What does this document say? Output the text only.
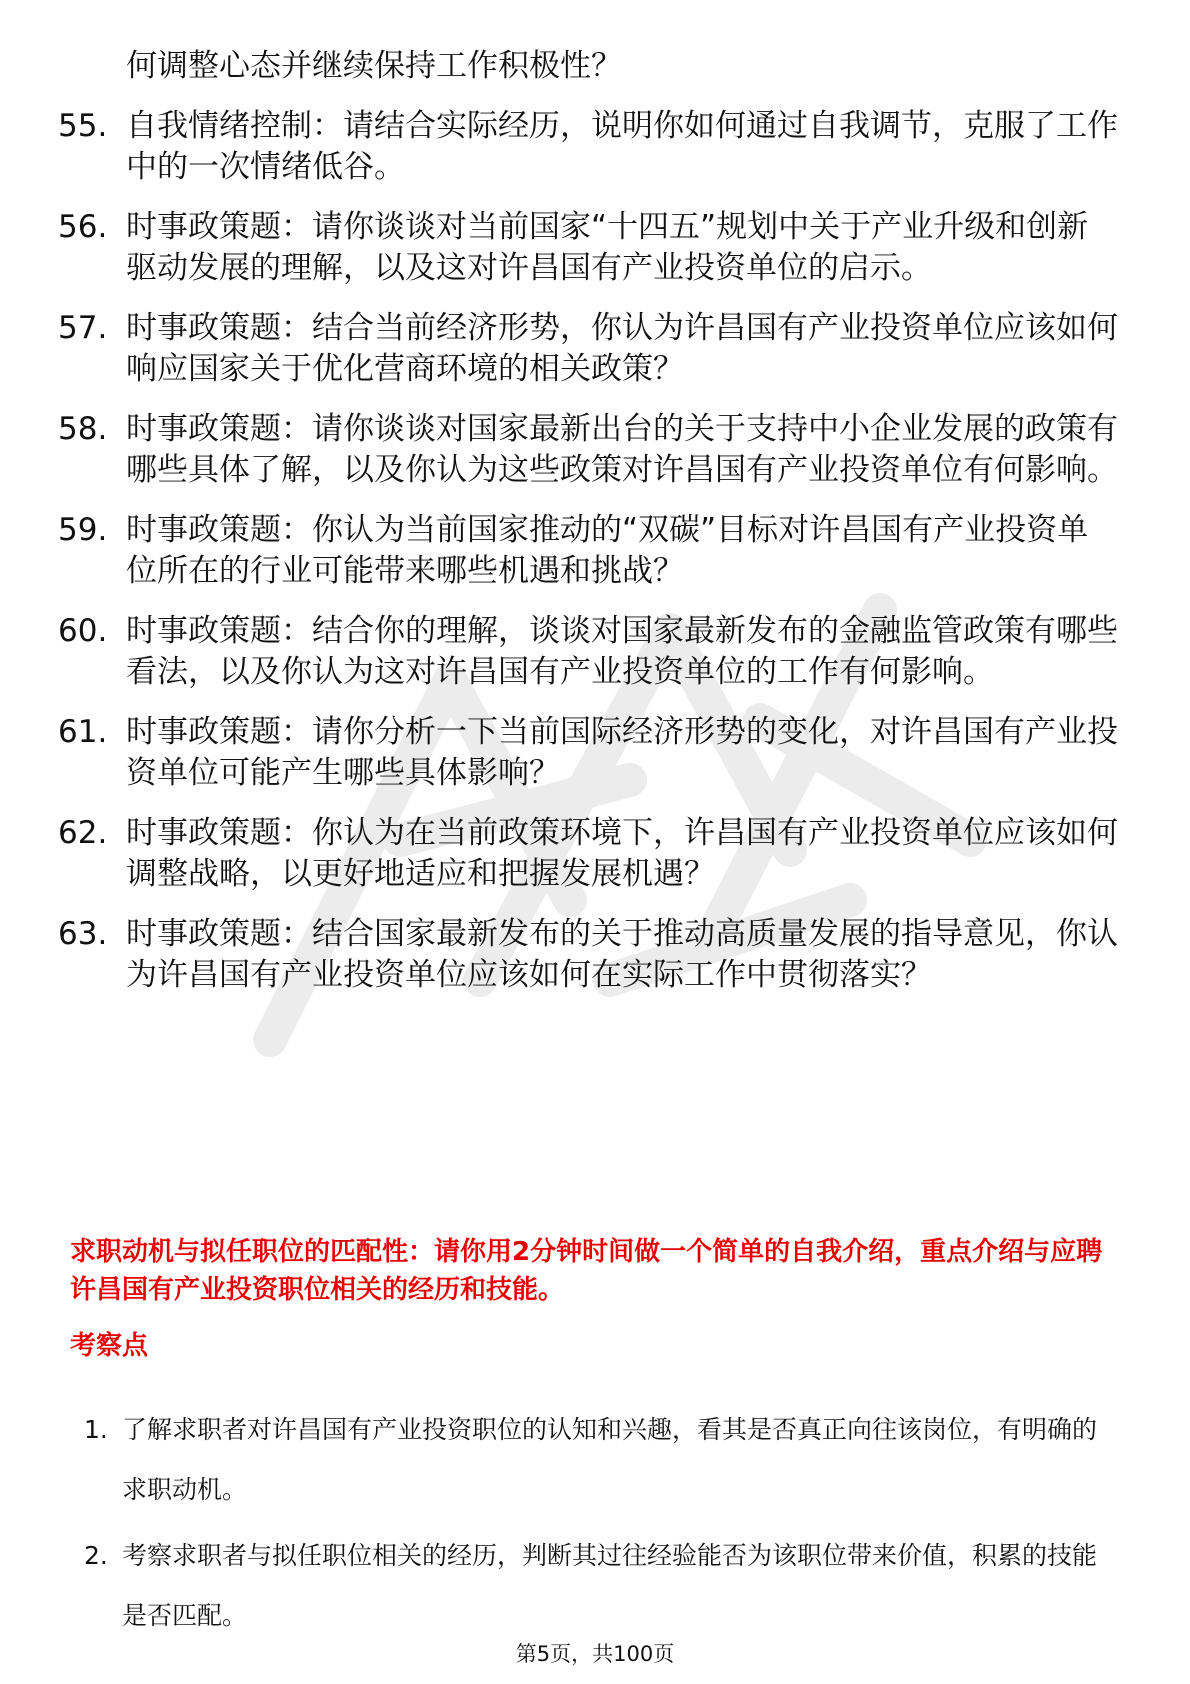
何调整心态并继续保持工作积极性？
55. 自我情绪控制：请结合实际经历，说明你如何通过自我调节，克服了工作中的一次情绪低谷。
56. 时事政策题：请你谈谈对当前国家“十四五”规划中关于产业升级和创新驱动发展的理解，以及这对许昌国有产业投资单位的启示。
57. 时事政策题：结合当前经济形势，你认为许昌国有产业投资单位应该如何响应国家关于优化营商环境的相关政策？
58. 时事政策题：请你谈谈对国家最新出台的关于支持中小企业发展的政策有哪些具体了解，以及你认为这些政策对许昌国有产业投资单位有何影响。
59. 时事政策题：你认为当前国家推动的“双碳”目标对许昌国有产业投资单位所在的行业可能带来哪些机遇和挑战？
60. 时事政策题：结合你的理解，谈谈对国家最新发布的金融监管政策有哪些看法，以及你认为这对许昌国有产业投资单位的工作有何影响。
61. 时事政策题：请你分析一下当前国际经济形势的变化，对许昌国有产业投资单位可能产生哪些具体影响？
62. 时事政策题：你认为在当前政策环境下，许昌国有产业投资单位应该如何调整战略，以更好地适应和把握发展机遇？
63. 时事政策题：结合国家最新发布的关于推动高质量发展的指导意见，你认为许昌国有产业投资单位应该如何在实际工作中贯彻落实？
求职动机与拟任职位的匹配性：请你用2分钟时间做一个简单的自我介绍，重点介绍与应聘许昌国有产业投资职位相关的经历和技能。
考察点
1. 了解求职者对许昌国有产业投资职位的认知和兴趣，看其是否真正向往该岗位，有明确的求职动机。
2. 考察求职者与拟任职位相关的经历，判断其过往经验能否为该职位带来价值，积累的技能是否匹配。
第5页，共100页
